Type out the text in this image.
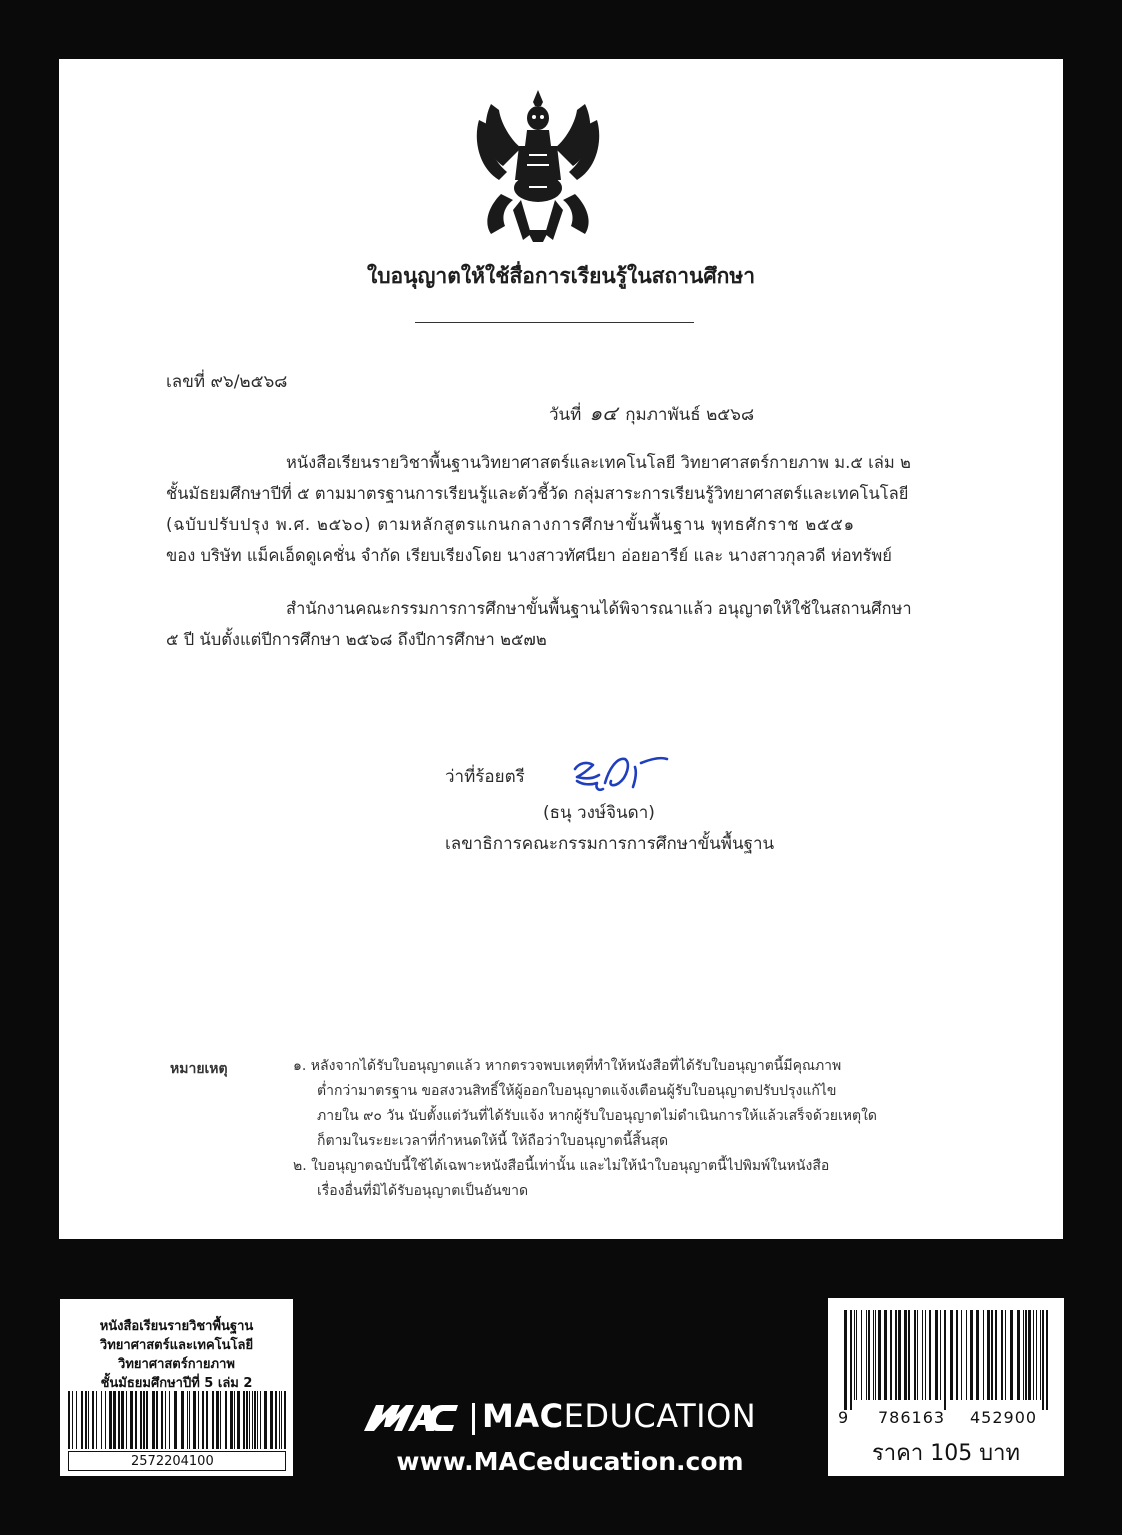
ใบอนุญาตให้ใช้สื่อการเรียนรู้ในสถานศึกษา
เลขที่ ๙๖/๒๕๖๘
วันที่ ๑๔ กุมภาพันธ์ ๒๕๖๘
หนังสือเรียนรายวิชาพื้นฐานวิทยาศาสตร์และเทคโนโลยี วิทยาศาสตร์กายภาพ ม.๕ เล่ม ๒
ชั้นมัธยมศึกษาปีที่ ๕ ตามมาตรฐานการเรียนรู้และตัวชี้วัด กลุ่มสาระการเรียนรู้วิทยาศาสตร์และเทคโนโลยี
(ฉบับปรับปรุง พ.ศ. ๒๕๖๐) ตามหลักสูตรแกนกลางการศึกษาขั้นพื้นฐาน พุทธศักราช ๒๕๕๑
ของ บริษัท แม็คเอ็ดดูเคชั่น จำกัด เรียบเรียงโดย นางสาวทัศนียา อ่อยอารีย์ และ นางสาวกุลวดี ห่อทรัพย์
สำนักงานคณะกรรมการการศึกษาขั้นพื้นฐานได้พิจารณาแล้ว อนุญาตให้ใช้ในสถานศึกษา
๕ ปี นับตั้งแต่ปีการศึกษา ๒๕๖๘ ถึงปีการศึกษา ๒๕๗๒
ว่าที่ร้อยตรี
(ธนุ วงษ์จินดา)
เลขาธิการคณะกรรมการการศึกษาขั้นพื้นฐาน
หมายเหตุ	๑. หลังจากได้รับใบอนุญาตแล้ว หากตรวจพบเหตุที่ทำให้หนังสือที่ได้รับใบอนุญาตนี้มีคุณภาพ
ต่ำกว่ามาตรฐาน ขอสงวนสิทธิ์ให้ผู้ออกใบอนุญาตแจ้งเตือนผู้รับใบอนุญาตปรับปรุงแก้ไข
ภายใน ๙๐ วัน นับตั้งแต่วันที่ได้รับแจ้ง หากผู้รับใบอนุญาตไม่ดำเนินการให้แล้วเสร็จด้วยเหตุใด
ก็ตามในระยะเวลาที่กำหนดให้นี้ ให้ถือว่าใบอนุญาตนี้สิ้นสุด
๒. ใบอนุญาตฉบับนี้ใช้ได้เฉพาะหนังสือนี้เท่านั้น และไม่ให้นำใบอนุญาตนี้ไปพิมพ์ในหนังสือ
เรื่องอื่นที่มิได้รับอนุญาตเป็นอันขาด
หนังสือเรียนรายวิชาพื้นฐาน
วิทยาศาสตร์และเทคโนโลยี
วิทยาศาสตร์กายภาพ
ชั้นมัธยมศึกษาปีที่ 5 เล่ม 2
2572204100
MACEDUCATION
www.MACeducation.com
9 786163 452900
ราคา 105 บาท
